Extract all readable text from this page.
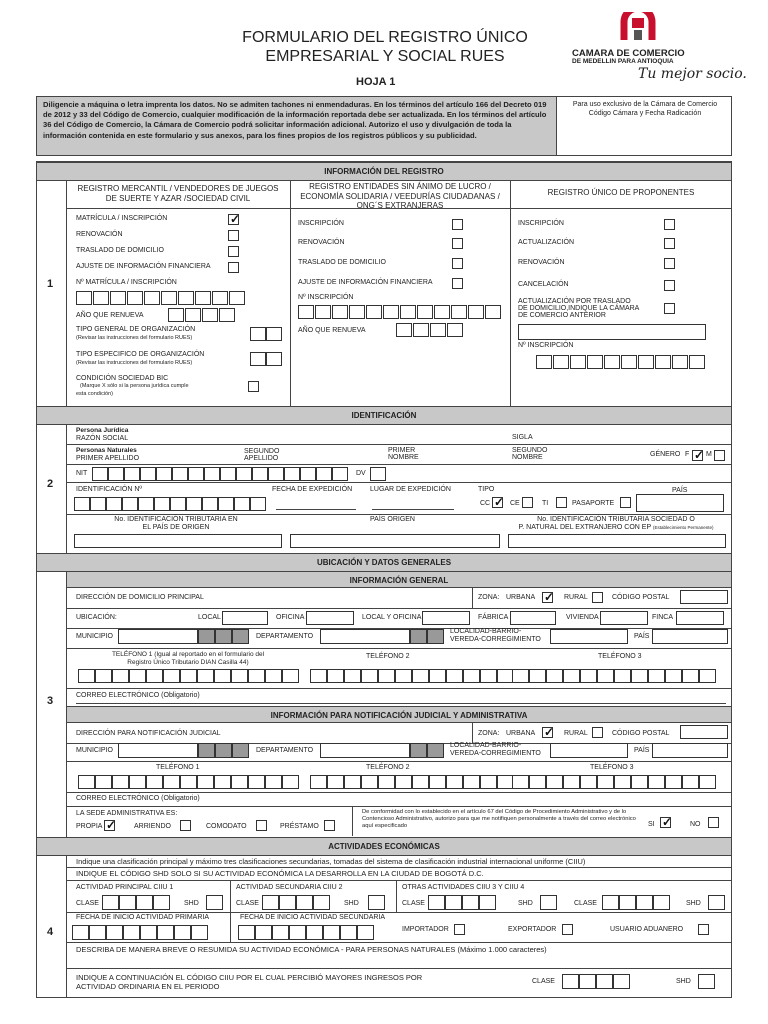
FORMULARIO DEL REGISTRO ÚNICO
EMPRESARIAL Y SOCIAL RUES
HOJA 1
CAMARA DE COMERCIO
DE MEDELLIN PARA ANTIOQUIA
Tu mejor socio.
Diligencie a máquina o letra imprenta los datos. No se admiten tachones ni enmendaduras. En los términos del artículo 166 del Decreto 019 de 2012 y 33 del Código de Comercio, cualquier modificación de la información reportada debe ser actualizada. En los términos del artículo 36 del Código de Comercio, la Cámara de Comercio podrá solicitar información adicional. Autorizo el uso y divulgación de toda la información contenida en este formulario y sus anexos, para los fines propios de los registros públicos y su publicidad.
Para uso exclusivo de la Cámara de Comercio
Código Cámara y Fecha Radicación
INFORMACIÓN DEL REGISTRO
1
REGISTRO MERCANTIL / VENDEDORES DE JUEGOS DE SUERTE Y AZAR /SOCIEDAD CIVIL
MATRÍCULA / INSCRIPCIÓN
✓
RENOVACIÓN
TRASLADO DE DOMICILIO
AJUSTE DE INFORMACIÓN FINANCIERA
Nº MATRÍCULA / INSCRIPCIÓN
AÑO QUE RENUEVA
TIPO GENERAL DE ORGANIZACIÓN
(Revisar las instrucciones del formulario RUES)
TIPO ESPECIFICO DE ORGANIZACIÓN
(Revisar las instrucciones del formulario RUES)
CONDICIÓN SOCIEDAD BIC
(Marque X sólo si la persona jurídica cumple
esta condición)
REGISTRO ENTIDADES SIN ÁNIMO DE LUCRO / ECONOMÍA SOLIDARIA / VEEDURÍAS CIUDADANAS / ONG´S EXTRANJERAS
INSCRIPCIÓN
RENOVACIÓN
TRASLADO DE DOMICILIO
AJUSTE DE INFORMACIÓN FINANCIERA
Nº INSCRIPCIÓN
AÑO QUE RENUEVA
REGISTRO ÚNICO DE PROPONENTES
INSCRIPCIÓN
ACTUALIZACIÓN
RENOVACIÓN
CANCELACIÓN
ACTUALIZACIÓN POR TRASLADO
DE DOMICILIO,INDIQUE LA CÁMARA
DE COMERCIO ANTERIOR
Nº INSCRIPCIÓN
IDENTIFICACIÓN
2
Persona Jurídica
RAZÓN SOCIAL	SIGLA
Personas Naturales
PRIMER APELLIDO
SEGUNDO
APELLIDO
PRIMER
NOMBRE
SEGUNDO
NOMBRE	GÉNERO F ✓ M
NIT	DV
IDENTIFICACIÓN Nº	FECHA DE EXPEDICIÓN	LUGAR DE EXPEDICIÓN	TIPO	PAÍS
CC ✓	CE	TI	PASAPORTE
No. IDENTIFICACIÓN TRIBUTARIA EN
EL PAÍS DE ORIGEN
PAÍS ORIGEN	No. IDENTIFICACIÓN TRIBUTARIA SOCIEDAD O
P. NATURAL DEL EXTRANJERO CON EP (Establecimiento Permanente)
UBICACIÓN Y DATOS GENERALES
3
INFORMACIÓN GENERAL
DIRECCIÓN DE DOMICILIO PRINCIPAL	ZONA: URBANA ✓	RURAL	CÓDIGO POSTAL
UBICACIÓN:	LOCAL	OFICINA	LOCAL Y OFICINA	FÁBRICA	VIVIENDA	FINCA
MUNICIPIO	DEPARTAMENTO
LOCALIDAD-BARRIO-
VEREDA-CORREGIMIENTO	PAÍS
TELÉFONO 1 (Igual al reportado en el formulario del
Registro Único Tributario DIAN Casilla 44)
TELÉFONO 2	TELÉFONO 3
CORREO ELECTRÓNICO (Obligatorio)
INFORMACIÓN PARA NOTIFICACIÓN JUDICIAL Y ADMINISTRATIVA
DIRECCIÓN PARA NOTIFICACIÓN JUDICIAL	ZONA: URBANA ✓	RURAL	CÓDIGO POSTAL
MUNICIPIO	DEPARTAMENTO
LOCALIDAD-BARRIO-
VEREDA-CORREGIMIENTO	PAÍS
TELÉFONO 1	TELÉFONO 2	TELÉFONO 3
CORREO ELECTRÓNICO (Obligatorio)
LA SEDE ADMINISTRATIVA ES:
PROPIA ✓	ARRIENDO	COMODATO	PRÉSTAMO
De conformidad con lo establecido en el artículo 67 del Código de Procedimiento Administrativo y de lo Contencioso Administrativo, autorizo para que me notifiquen personalmente a través del correo electrónico aquí especificado	SI ✓	NO
ACTIVIDADES ECONÓMICAS
4
Indique una clasificación principal y máximo tres clasificaciones secundarias, tomadas del sistema de clasificación industrial internacional uniforme (CIIU)
INDIQUE EL CÓDIGO SHD SOLO SI SU ACTIVIDAD ECONÓMICA LA DESARROLLA EN LA CIUDAD DE BOGOTÁ D.C.
ACTIVIDAD PRINCIPAL CIIU 1	ACTIVIDAD SECUNDARIA CIIU 2	OTRAS ACTIVIDADES CIIU 3 Y CIIU 4
CLASE	SHD	CLASE	SHD	CLASE	SHD	CLASE	SHD
FECHA DE INICIO ACTIVIDAD PRIMARIA	FECHA DE INICIO ACTIVIDAD SECUNDARIA
IMPORTADOR	EXPORTADOR	USUARIO ADUANERO
DESCRIBA DE MANERA BREVE O RESUMIDA SU ACTIVIDAD ECONÓMICA - PARA PERSONAS NATURALES (Máximo 1.000 caracteres)
INDIQUE A CONTINUACIÓN EL CÓDIGO CIIU POR EL CUAL PERCIBIÓ MAYORES INGRESOS POR
ACTIVIDAD ORDINARIA EN EL PERIODO
CLASE	SHD
